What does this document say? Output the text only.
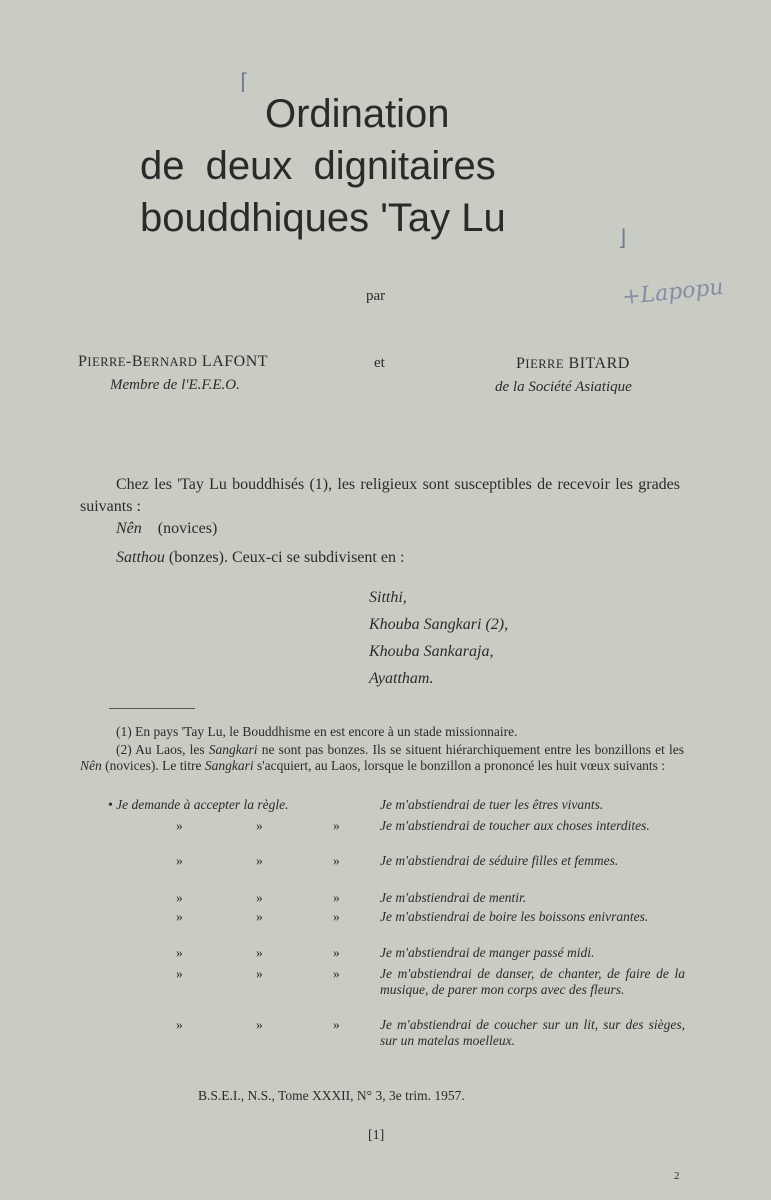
⌈
⌋
Ordination
de deux dignitaires
bouddhiques 'Tay Lu
+Lapopu
par
PIERRE-BERNARD LAFONT
Membre de l'E.F.E.O.
et	PIERRE BITARD
de la Société Asiatique
Chez les 'Tay Lu bouddhisés (1), les religieux sont susceptibles de recevoir les grades suivants :
Nên (novices)
Satthou (bonzes). Ceux-ci se subdivisent en :
Sitthi,
Khouba Sangkari (2),
Khouba Sankaraja,
Ayattham.
(1) En pays 'Tay Lu, le Bouddhisme en est encore à un stade missionnaire.
(2) Au Laos, les Sangkari ne sont pas bonzes. Ils se situent hiérarchiquement entre les bonzillons et les Nên (novices). Le titre Sangkari s'acquiert, au Laos, lorsque le bonzillon a prononcé les huit vœux suivants :
• Je demande à accepter la règle.	Je m'abstiendrai de tuer les êtres vivants.
»	»	»	Je m'abstiendrai de toucher aux choses interdites.
»	»	»	Je m'abstiendrai de séduire filles et femmes.
»	»	»	Je m'abstiendrai de mentir.
»	»	»	Je m'abstiendrai de boire les boissons enivrantes.
»	»	»	Je m'abstiendrai de manger passé midi.
»	»	»	Je m'abstiendrai de danser, de chanter, de faire de la musique, de parer mon corps avec des fleurs.
»	»	»	Je m'abstiendrai de coucher sur un lit, sur des sièges, sur un matelas moelleux.
B.S.E.I., N.S., Tome XXXII, N° 3, 3e trim. 1957.
[1]
2
